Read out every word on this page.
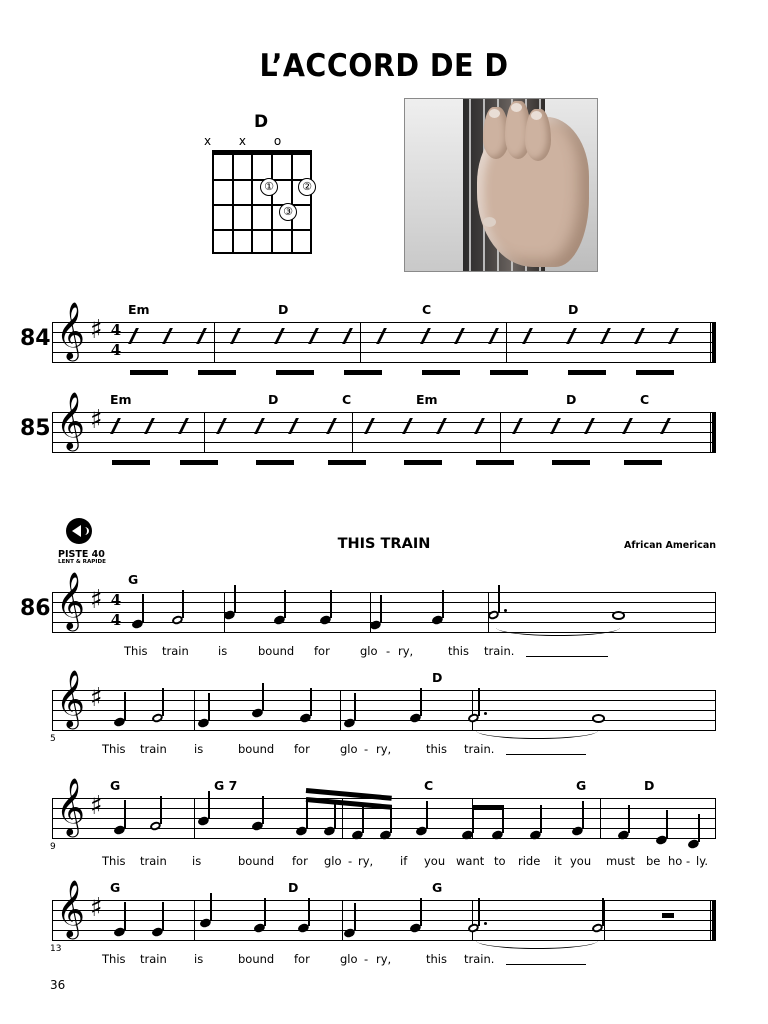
L’ACCORD DE D
D
x x o
①	②
③
84 𝄞 ♯ 4
4
Em	D	C	D
85 𝄞 ♯
Em	D	C	Em	D	C
PISTE 40
LENT & RAPIDE
THIS TRAIN	African American
86 𝄞 ♯ 4
4
G
This train	is	bound for	glo - ry,	this train.
5
𝄞 ♯
D
This train is	bound for	glo - ry,	this train.
9
𝄞 ♯
G	G 7	C	G	D
This train is	bound for glo - ry, if you want to ride it you must be ho - ly.
13
𝄞 ♯
G	D	G
This train is	bound for	glo - ry,	this train.
36
